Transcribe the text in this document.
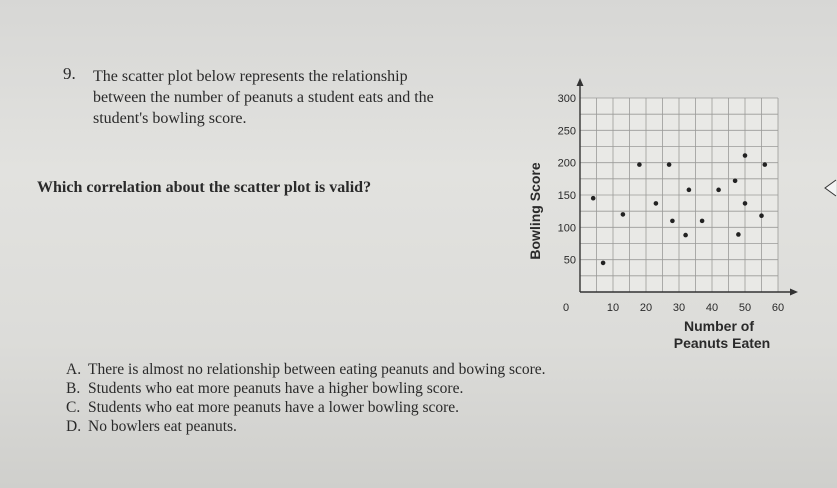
9. The scatter plot below represents the relationship
between the number of peanuts a student eats and the
student's bowling score.
Which correlation about the scatter plot is valid?
0	10 20 30 40 50 60
50
100
150
200
250
300
Bowling Score
Number of
Peanuts Eaten
A. There is almost no relationship between eating peanuts and bowing score.
B. Students who eat more peanuts have a higher bowling score.
C. Students who eat more peanuts have a lower bowling score.
D. No bowlers eat peanuts.
